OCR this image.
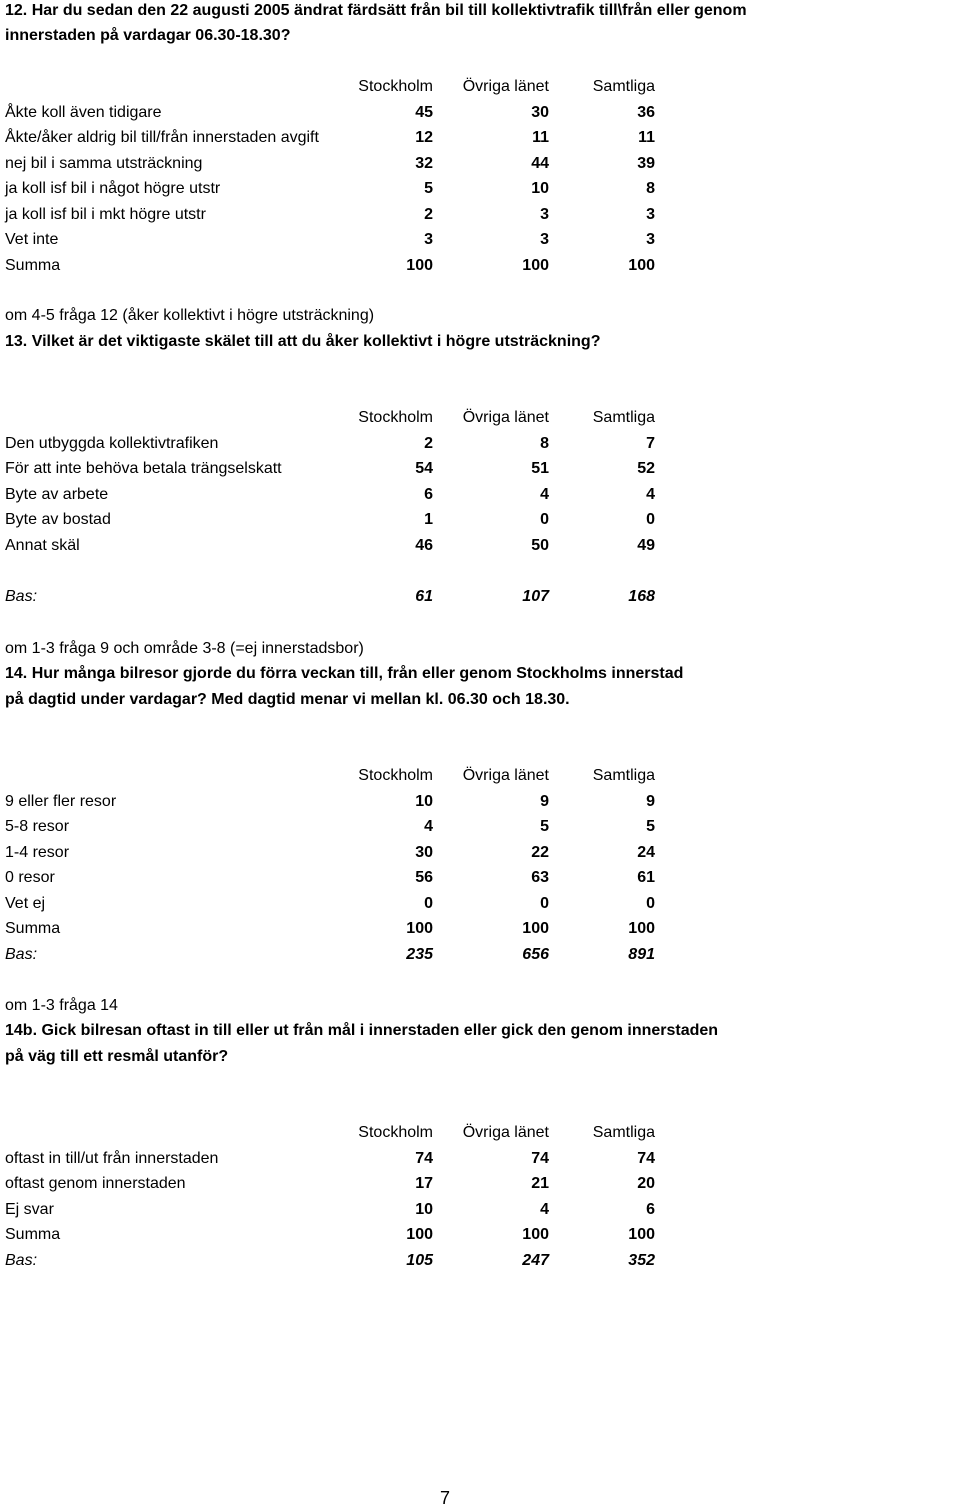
12. Har du sedan den 22 augusti 2005 ändrat färdsätt från bil till kollektivtrafik till\från eller genom
innerstaden på vardagar 06.30-18.30?
Stockholm	Övriga länet	Samtliga
Åkte koll även tidigare	45	30	36
Åkte/åker aldrig bil till/från innerstaden avgift	12	11	11
nej bil i samma utsträckning	32	44	39
ja koll isf bil i något högre utstr	5	10	8
ja koll isf bil i mkt högre utstr	2	3	3
Vet inte	3	3	3
Summa	100	100	100
om 4-5 fråga 12 (åker kollektivt i högre utsträckning)
13. Vilket är det viktigaste skälet till att du åker kollektivt i högre utsträckning?
Stockholm	Övriga länet	Samtliga
Den utbyggda kollektivtrafiken	2	8	7
För att inte behöva betala trängselskatt	54	51	52
Byte av arbete	6	4	4
Byte av bostad	1	0	0
Annat skäl	46	50	49
Bas:	61	107	168
om 1-3 fråga 9 och område 3-8 (=ej innerstadsbor)
14. Hur många bilresor gjorde du förra veckan till, från eller genom Stockholms innerstad
på dagtid under vardagar? Med dagtid menar vi mellan kl. 06.30 och 18.30.
Stockholm	Övriga länet	Samtliga
9 eller fler resor	10	9	9
5-8 resor	4	5	5
1-4 resor	30	22	24
0 resor	56	63	61
Vet ej	0	0	0
Summa	100	100	100
Bas:	235	656	891
om 1-3 fråga 14
14b. Gick bilresan oftast in till eller ut från mål i innerstaden eller gick den genom innerstaden
på väg till ett resmål utanför?
Stockholm	Övriga länet	Samtliga
oftast in till/ut från innerstaden	74	74	74
oftast genom innerstaden	17	21	20
Ej svar	10	4	6
Summa	100	100	100
Bas:	105	247	352
7
